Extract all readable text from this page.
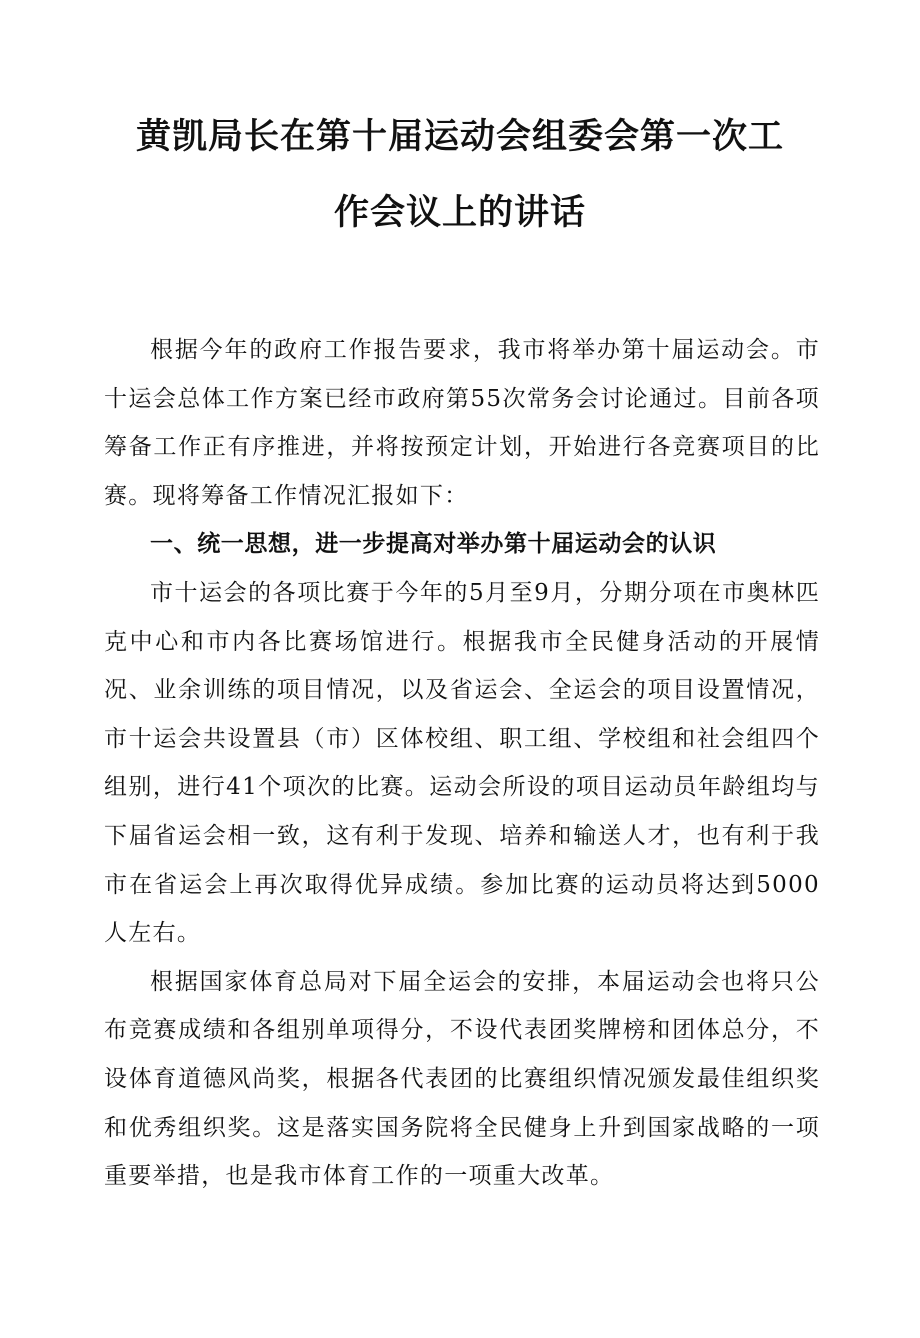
黄凯局长在第十届运动会组委会第一次工
作会议上的讲话

根据今年的政府工作报告要求，我市将举办第十届运动会。市十运会总体工作方案已经市政府第55次常务会讨论通过。目前各项筹备工作正有序推进，并将按预定计划，开始进行各竞赛项目的比赛。现将筹备工作情况汇报如下：

一、统一思想，进一步提高对举办第十届运动会的认识

市十运会的各项比赛于今年的5月至9月，分期分项在市奥林匹克中心和市内各比赛场馆进行。根据我市全民健身活动的开展情况、业余训练的项目情况，以及省运会、全运会的项目设置情况，市十运会共设置县（市）区体校组、职工组、学校组和社会组四个组别，进行41个项次的比赛。运动会所设的项目运动员年龄组均与下届省运会相一致，这有利于发现、培养和输送人才，也有利于我市在省运会上再次取得优异成绩。参加比赛的运动员将达到5000人左右。

根据国家体育总局对下届全运会的安排，本届运动会也将只公布竞赛成绩和各组别单项得分，不设代表团奖牌榜和团体总分，不设体育道德风尚奖，根据各代表团的比赛组织情况颁发最佳组织奖和优秀组织奖。这是落实国务院将全民健身上升到国家战略的一项重要举措，也是我市体育工作的一项重大改革。
